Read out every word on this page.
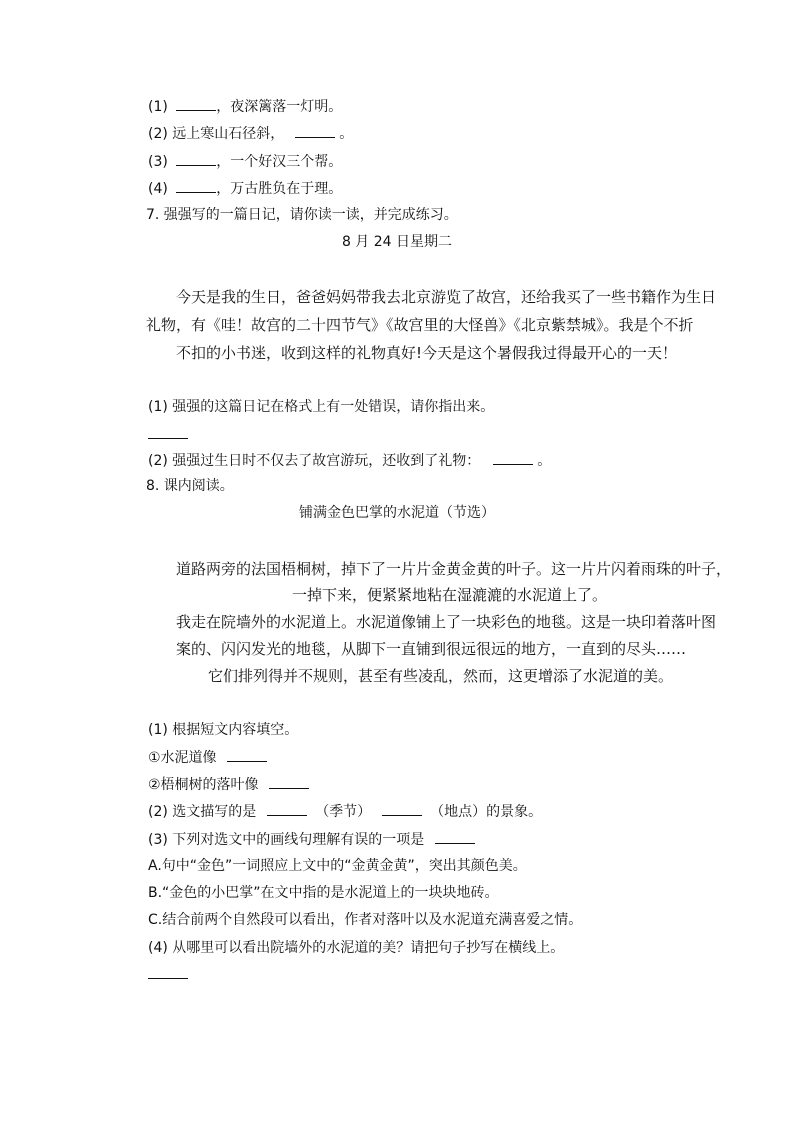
(1)	，夜深篱落一灯明。
(2) 远上寒山石径斜，	。
(3)	，一个好汉三个帮。
(4)	，万古胜负在于理。
7. 强强写的一篇日记，请你读一读，并完成练习。
8 月 24 日星期二
今天是我的生日，爸爸妈妈带我去北京游览了故宫，还给我买了一些书籍作为生日
礼物，有《哇！故宫的二十四节气》《故宫里的大怪兽》《北京紫禁城》。我是个不折
不扣的小书迷，收到这样的礼物真好!今天是这个暑假我过得最开心的一天！
(1) 强强的这篇日记在格式上有一处错误，请你指出来。
(2) 强强过生日时不仅去了故宫游玩，还收到了礼物：	。
8. 课内阅读。
铺满金色巴掌的水泥道（节选）
道路两旁的法国梧桐树，掉下了一片片金黄金黄的叶子。这一片片闪着雨珠的叶子，
一掉下来，便紧紧地粘在湿漉漉的水泥道上了。
我走在院墙外的水泥道上。水泥道像铺上了一块彩色的地毯。这是一块印着落叶图
案的、闪闪发光的地毯，从脚下一直铺到很远很远的地方，一直到的尽头……
它们排列得并不规则，甚至有些凌乱，然而，这更增添了水泥道的美。
(1) 根据短文内容填空。
①水泥道像
②梧桐树的落叶像
(2) 选文描写的是	（季节）	（地点）的景象。
(3) 下列对选文中的画线句理解有误的一项是
A.句中“金色”一词照应上文中的“金黄金黄”，突出其颜色美。
B.“金色的小巴掌”在文中指的是水泥道上的一块块地砖。
C.结合前两个自然段可以看出，作者对落叶以及水泥道充满喜爱之情。
(4) 从哪里可以看出院墙外的水泥道的美？请把句子抄写在横线上。
